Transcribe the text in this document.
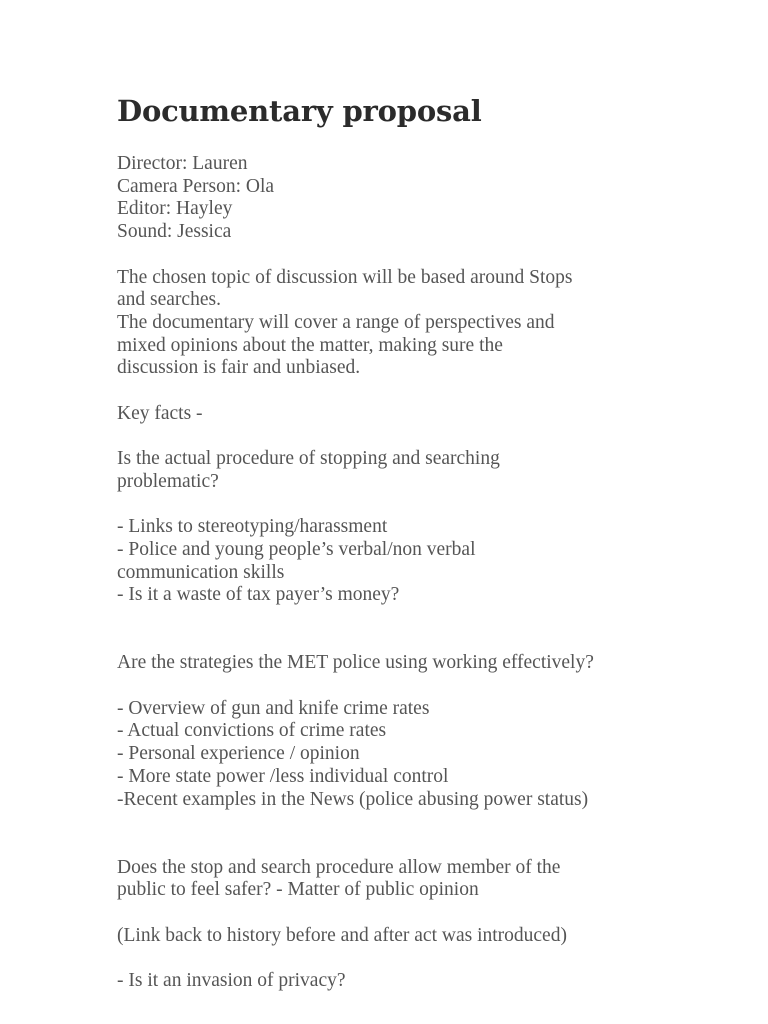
Documentary proposal
Director: Lauren
Camera Person: Ola
Editor: Hayley
Sound: Jessica
The chosen topic of discussion will be based around Stops
and searches.
The documentary will cover a range of perspectives and
mixed opinions about the matter, making sure the
discussion is fair and unbiased.
Key facts -
Is the actual procedure of stopping and searching
problematic?
- Links to stereotyping/harassment
- Police and young people’s verbal/non verbal
communication skills
- Is it a waste of tax payer’s money?
Are the strategies the MET police using working effectively?
- Overview of gun and knife crime rates
- Actual convictions of crime rates
- Personal experience / opinion
- More state power /less individual control
-Recent examples in the News (police abusing power status)
Does the stop and search procedure allow member of the
public to feel safer? - Matter of public opinion
(Link back to history before and after act was introduced)
- Is it an invasion of privacy?
